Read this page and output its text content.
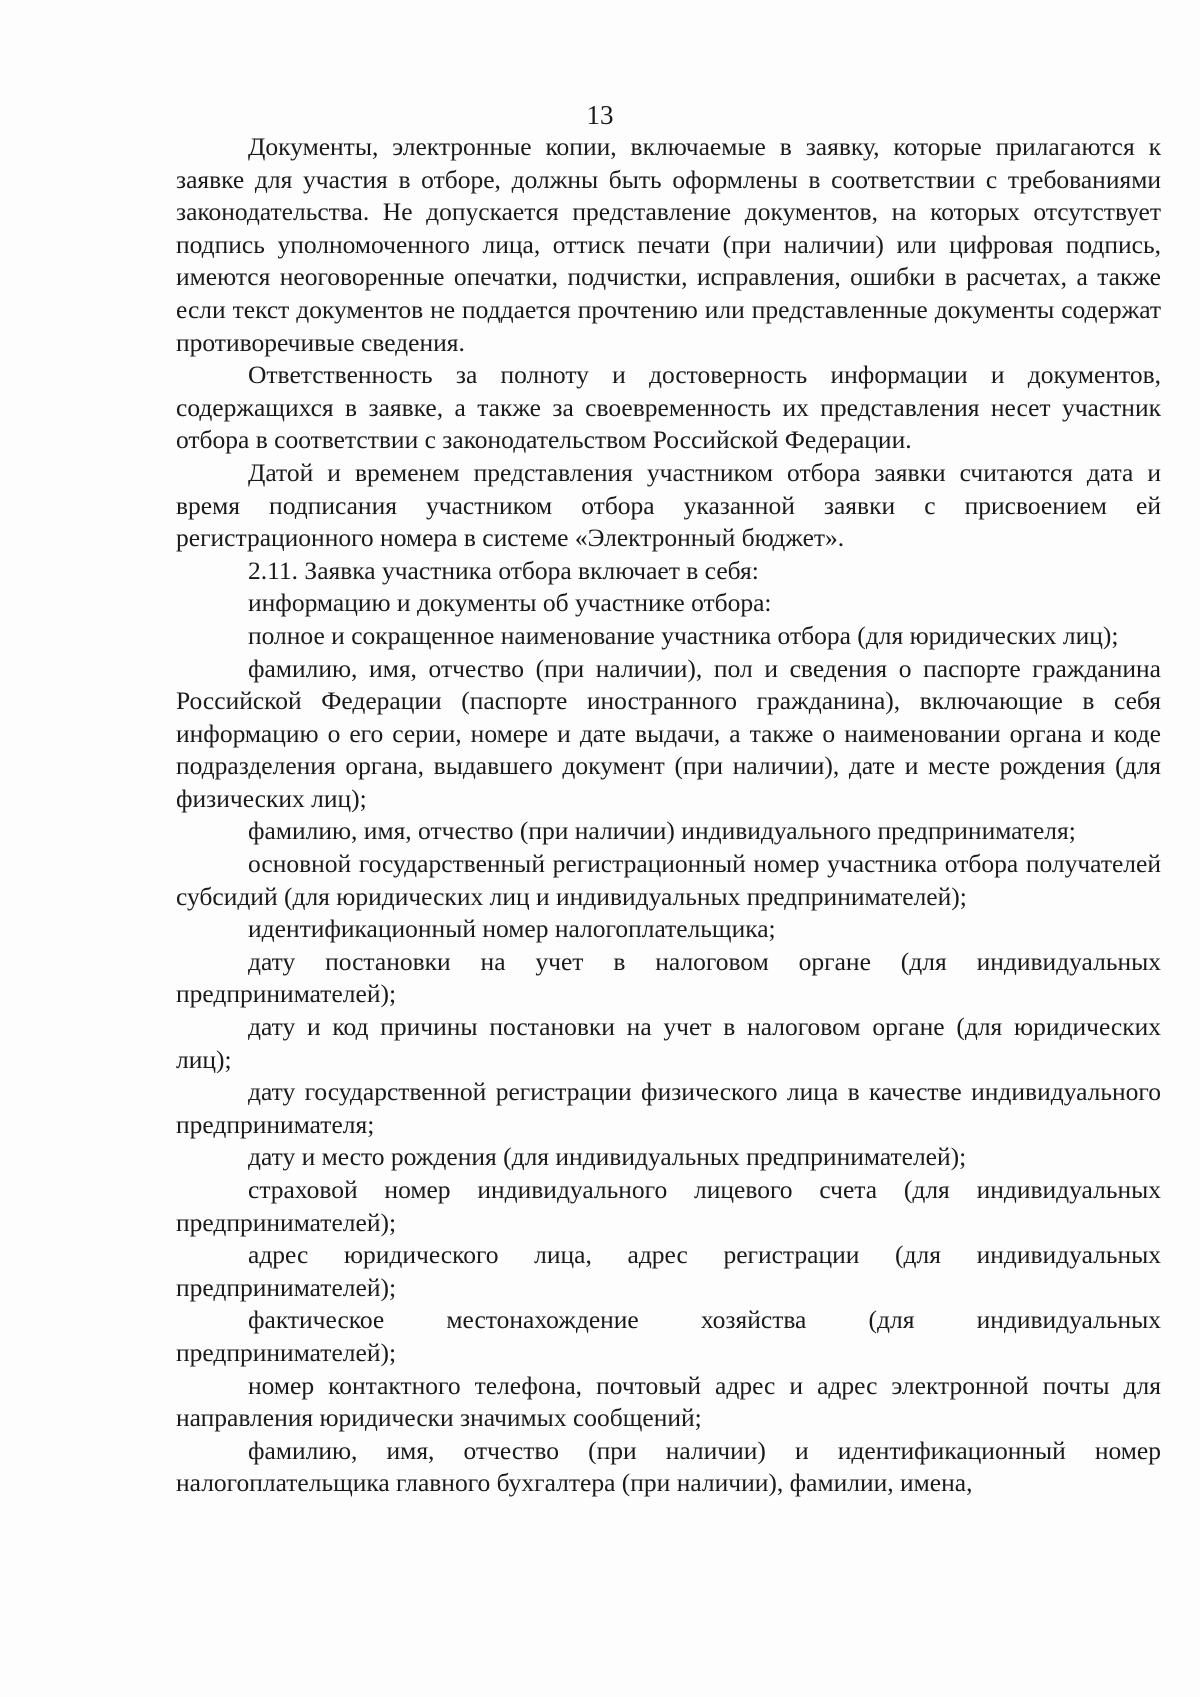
13

Документы, электронные копии, включаемые в заявку, которые прилагаются к заявке для участия в отборе, должны быть оформлены в соответствии с требованиями законодательства. Не допускается представление документов, на которых отсутствует подпись уполномоченного лица, оттиск печати (при наличии) или цифровая подпись, имеются неоговоренные опечатки, подчистки, исправления, ошибки в расчетах, а также если текст документов не поддается прочтению или представленные документы содержат противоречивые сведения.

Ответственность за полноту и достоверность информации и документов, содержащихся в заявке, а также за своевременность их представления несет участник отбора в соответствии с законодательством Российской Федерации.

Датой и временем представления участником отбора заявки считаются дата и время подписания участником отбора указанной заявки с присвоением ей регистрационного номера в системе «Электронный бюджет».

2.11. Заявка участника отбора включает в себя:

информацию и документы об участнике отбора:

полное и сокращенное наименование участника отбора (для юридических лиц);

фамилию, имя, отчество (при наличии), пол и сведения о паспорте гражданина Российской Федерации (паспорте иностранного гражданина), включающие в себя информацию о его серии, номере и дате выдачи, а также о наименовании органа и коде подразделения органа, выдавшего документ (при наличии), дате и месте рождения (для физических лиц);

фамилию, имя, отчество (при наличии) индивидуального предпринимателя;

основной государственный регистрационный номер участника отбора получателей субсидий (для юридических лиц и индивидуальных предпринимателей);

идентификационный номер налогоплательщика;

дату постановки на учет в налоговом органе (для индивидуальных предпринимателей);

дату и код причины постановки на учет в налоговом органе (для юридических лиц);

дату государственной регистрации физического лица в качестве индивидуального предпринимателя;

дату и место рождения (для индивидуальных предпринимателей);

страховой номер индивидуального лицевого счета (для индивидуальных предпринимателей);

адрес юридического лица, адрес регистрации (для индивидуальных предпринимателей);

фактическое местонахождение хозяйства (для индивидуальных предпринимателей);

номер контактного телефона, почтовый адрес и адрес электронной почты для направления юридически значимых сообщений;

фамилию, имя, отчество (при наличии) и идентификационный номер налогоплательщика главного бухгалтера (при наличии), фамилии, имена,
